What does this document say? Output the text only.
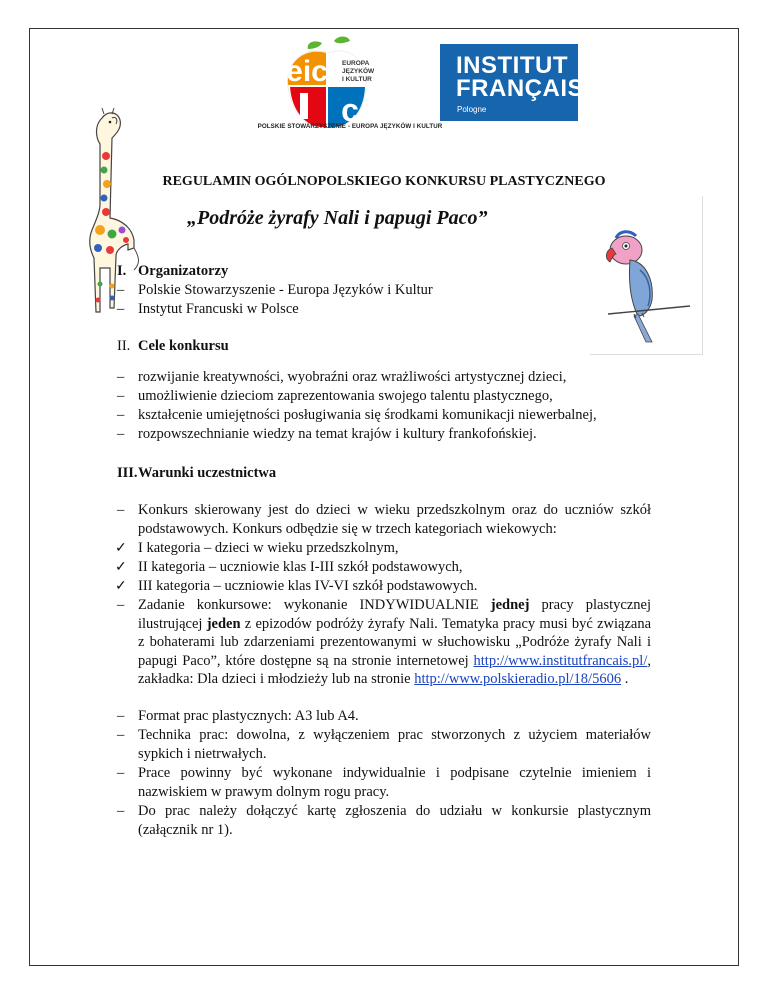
eic
c
EUROPA
JĘZYKÓW
I KULTUR
POLSKIE STOWARZYSZENIE - EUROPA JĘZYKÓW I KULTUR
INSTITUT
FRANÇAIS
Pologne
REGULAMIN OGÓLNOPOLSKIEGO KONKURSU PLASTYCZNEGO
„Podróże żyrafy Nali i papugi Paco”
I. Organizatorzy
– Polskie Stowarzyszenie - Europa Języków i Kultur
– Instytut Francuski w Polsce
II. Cele konkursu
– rozwijanie kreatywności, wyobraźni oraz wrażliwości artystycznej dzieci,
– umożliwienie dzieciom zaprezentowania swojego talentu plastycznego,
– kształcenie umiejętności posługiwania się środkami komunikacji niewerbalnej,
– rozpowszechnianie wiedzy na temat krajów i kultury frankofońskiej.
III. Warunki uczestnictwa
– Konkurs skierowany jest do dzieci w wieku przedszkolnym oraz do uczniów szkół podstawowych. Konkurs odbędzie się w trzech kategoriach wiekowych:
✓ I kategoria – dzieci w wieku przedszkolnym,
✓ II kategoria – uczniowie klas I-III szkół podstawowych,
✓ III kategoria – uczniowie klas IV-VI szkół podstawowych.
– Zadanie konkursowe: wykonanie INDYWIDUALNIE jednej pracy plastycznej ilustrującej jeden z epizodów podróży żyrafy Nali. Tematyka pracy musi być związana z bohaterami lub zdarzeniami prezentowanymi w słuchowisku „Podróże żyrafy Nali i papugi Paco”, które dostępne są na stronie internetowej http://www.institutfrancais.pl/, zakładka: Dla dzieci i młodzieży lub na stronie http://www.polskieradio.pl/18/5606 .
– Format prac plastycznych: A3 lub A4.
– Technika prac: dowolna, z wyłączeniem prac stworzonych z użyciem materiałów sypkich i nietrwałych.
– Prace powinny być wykonane indywidualnie i podpisane czytelnie imieniem i nazwiskiem w prawym dolnym rogu pracy.
– Do prac należy dołączyć kartę zgłoszenia do udziału w konkursie plastycznym (załącznik nr 1).
